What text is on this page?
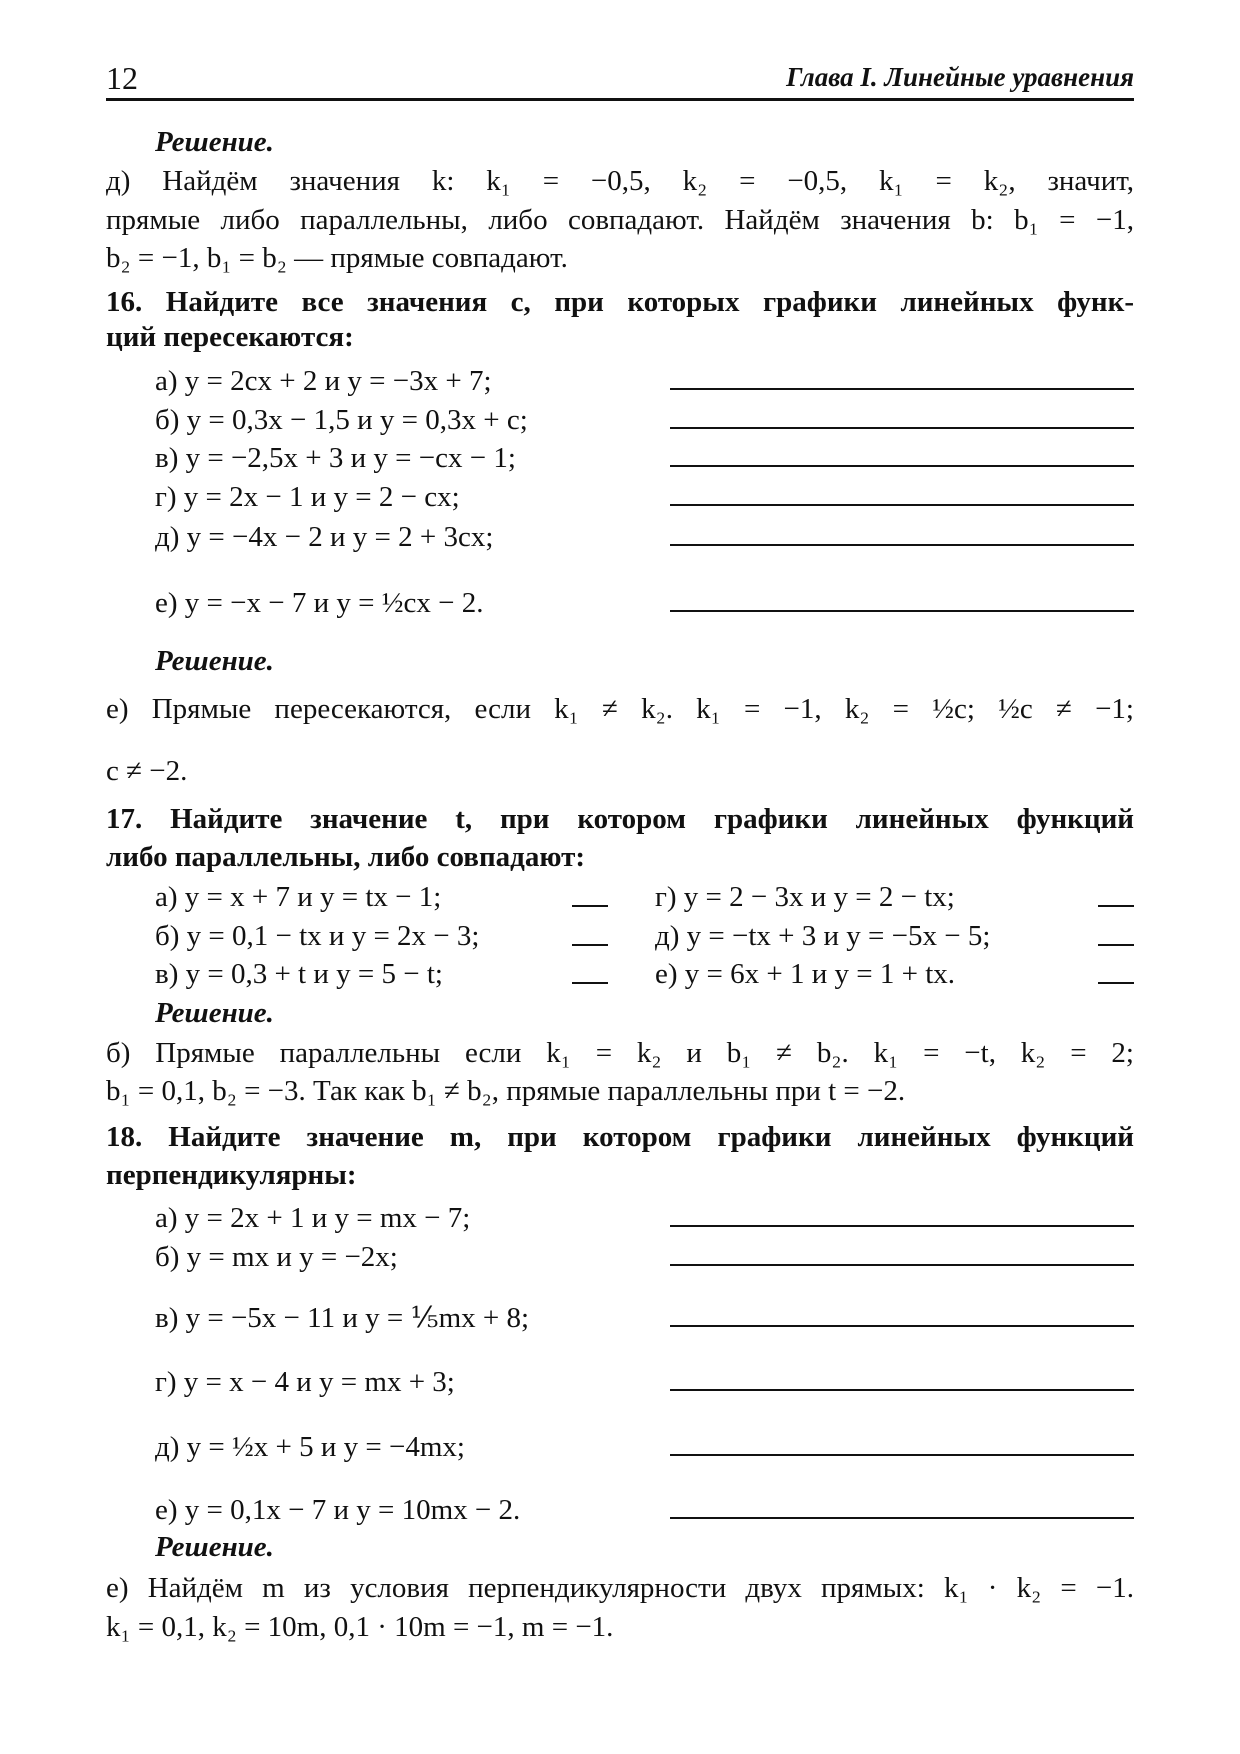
12	Глава I. Линейные уравнения
Решение.
д) Найдём значения k: k₁ = −0,5, k₂ = −0,5, k₁ = k₂, значит,
прямые либо параллельны, либо совпадают. Найдём значения b: b₁ = −1,
b₂ = −1, b₁ = b₂ — прямые совпадают.
16. Найдите все значения c, при которых графики линейных функ-
ций пересекаются:
а) y = 2cx + 2 и y = −3x + 7;
б) y = 0,3x − 1,5 и y = 0,3x + c;
в) y = −2,5x + 3 и y = −cx − 1;
г) y = 2x − 1 и y = 2 − cx;
д) y = −4x − 2 и y = 2 + 3cx;
е) y = −x − 7 и y = ½cx − 2.
Решение.
е) Прямые пересекаются, если k₁ ≠ k₂. k₁ = −1, k₂ = ½c; ½c ≠ −1;
c ≠ −2.
17. Найдите значение t, при котором графики линейных функций
либо параллельны, либо совпадают:
а) y = x + 7 и y = tx − 1;	г) y = 2 − 3x и y = 2 − tx;
б) y = 0,1 − tx и y = 2x − 3;	д) y = −tx + 3 и y = −5x − 5;
в) y = 0,3 + t и y = 5 − t;	е) y = 6x + 1 и y = 1 + tx.
Решение.
б) Прямые параллельны если k₁ = k₂ и b₁ ≠ b₂. k₁ = −t, k₂ = 2;
b₁ = 0,1, b₂ = −3. Так как b₁ ≠ b₂, прямые параллельны при t = −2.
18. Найдите значение m, при котором графики линейных функций
перпендикулярны:
а) y = 2x + 1 и y = mx − 7;
б) y = mx и y = −2x;
в) y = −5x − 11 и y = ⅕mx + 8;
г) y = x − 4 и y = mx + 3;
д) y = ½x + 5 и y = −4mx;
е) y = 0,1x − 7 и y = 10mx − 2.
Решение.
е) Найдём m из условия перпендикулярности двух прямых: k₁ · k₂ = −1.
k₁ = 0,1, k₂ = 10m, 0,1 · 10m = −1, m = −1.
